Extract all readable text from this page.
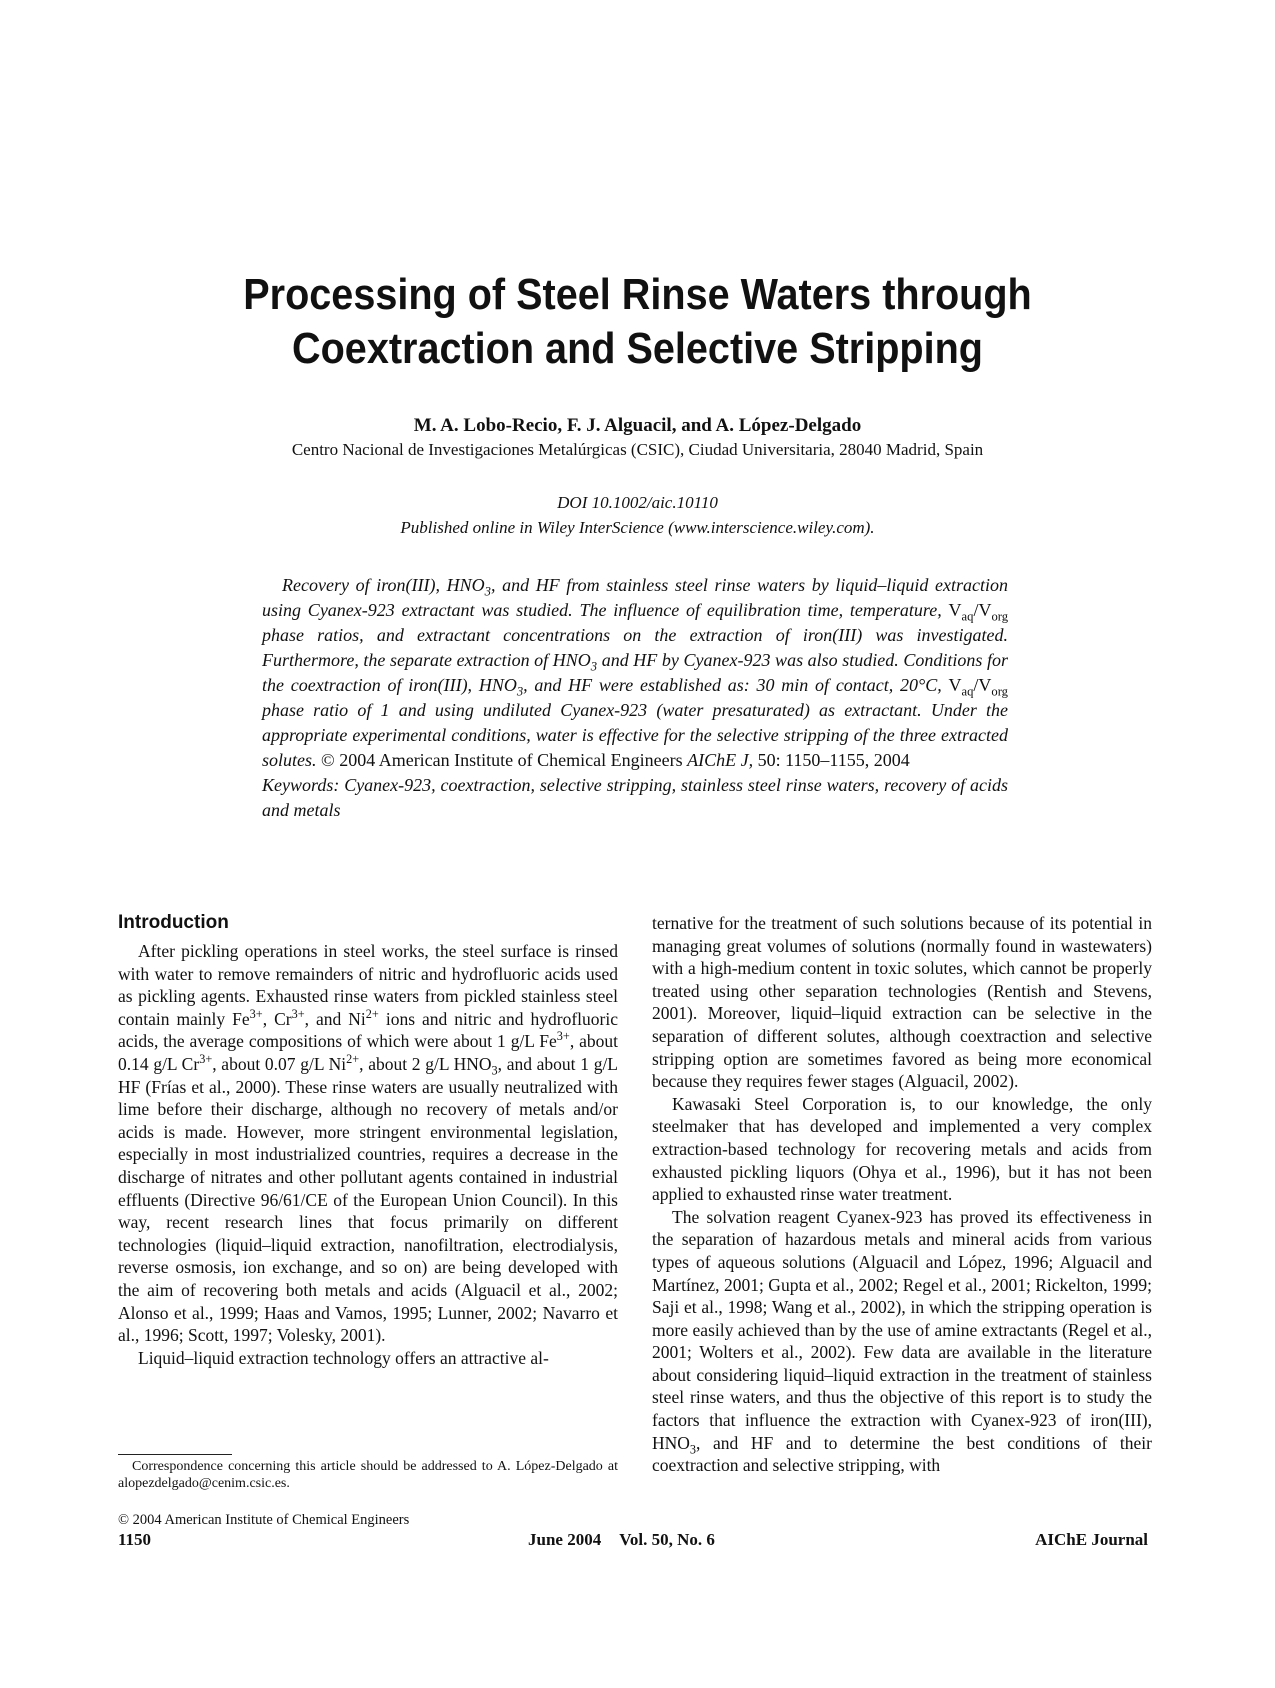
Processing of Steel Rinse Waters through
Coextraction and Selective Stripping
M. A. Lobo-Recio, F. J. Alguacil, and A. López-Delgado
Centro Nacional de Investigaciones Metalúrgicas (CSIC), Ciudad Universitaria, 28040 Madrid, Spain
DOI 10.1002/aic.10110
Published online in Wiley InterScience (www.interscience.wiley.com).

Recovery of iron(III), $HNO_3$, and HF from stainless steel rinse waters by liquid–liquid extraction using Cyanex-923 extractant was studied. The influence of equilibration time, temperature, $V_{aq}/V_{org}$ phase ratios, and extractant concentrations on the extraction of iron(III) was investigated. Furthermore, the separate extraction of $HNO_3$ and HF by Cyanex-923 was also studied. Conditions for the coextraction of iron(III), $HNO_3$, and HF were established as: 30 min of contact, 20°C, $V_{aq}/V_{org}$ phase ratio of 1 and using undiluted Cyanex-923 (water presaturated) as extractant. Under the appropriate experimental conditions, water is effective for the selective stripping of the three extracted solutes. © 2004 American Institute of Chemical Engineers AIChE J, 50: 1150–1155, 2004

Keywords: Cyanex-923, coextraction, selective stripping, stainless steel rinse waters, recovery of acids and metals

Introduction

After pickling operations in steel works, the steel surface is rinsed with water to remove remainders of nitric and hydrofluoric acids used as pickling agents. Exhausted rinse waters from pickled stainless steel contain mainly $Fe^{3+}$, $Cr^{3+}$, and $Ni^{2+}$ ions and nitric and hydrofluoric acids, the average compositions of which were about 1 g/L $Fe^{3+}$, about 0.14 g/L $Cr^{3+}$, about 0.07 g/L $Ni^{2+}$, about 2 g/L $HNO_3$, and about 1 g/L HF (Frías et al., 2000). These rinse waters are usually neutralized with lime before their discharge, although no recovery of metals and/or acids is made. However, more stringent environmental legislation, especially in most industrialized countries, requires a decrease in the discharge of nitrates and other pollutant agents contained in industrial effluents (Directive 96/61/CE of the European Union Council). In this way, recent research lines that focus primarily on different technologies (liquid–liquid extraction, nanofiltration, electrodialysis, reverse osmosis, ion exchange, and so on) are being developed with the aim of recovering both metals and acids (Alguacil et al., 2002; Alonso et al., 1999; Haas and Vamos, 1995; Lunner, 2002; Navarro et al., 1996; Scott, 1997; Volesky, 2001).

Liquid–liquid extraction technology offers an attractive al-

Correspondence concerning this article should be addressed to A. López-Delgado at alopezdelgado@cenim.csic.es.
© 2004 American Institute of Chemical Engineers

ternative for the treatment of such solutions because of its potential in managing great volumes of solutions (normally found in wastewaters) with a high-medium content in toxic solutes, which cannot be properly treated using other separation technologies (Rentish and Stevens, 2001). Moreover, liquid–liquid extraction can be selective in the separation of different solutes, although coextraction and selective stripping option are sometimes favored as being more economical because they requires fewer stages (Alguacil, 2002).

Kawasaki Steel Corporation is, to our knowledge, the only steelmaker that has developed and implemented a very complex extraction-based technology for recovering metals and acids from exhausted pickling liquors (Ohya et al., 1996), but it has not been applied to exhausted rinse water treatment.

The solvation reagent Cyanex-923 has proved its effectiveness in the separation of hazardous metals and mineral acids from various types of aqueous solutions (Alguacil and López, 1996; Alguacil and Martínez, 2001; Gupta et al., 2002; Regel et al., 2001; Rickelton, 1999; Saji et al., 1998; Wang et al., 2002), in which the stripping operation is more easily achieved than by the use of amine extractants (Regel et al., 2001; Wolters et al., 2002). Few data are available in the literature about considering liquid–liquid extraction in the treatment of stainless steel rinse waters, and thus the objective of this report is to study the factors that influence the extraction with Cyanex-923 of iron(III), $HNO_3$, and HF and to determine the best conditions of their coextraction and selective stripping, with

1150	June 2004 Vol. 50, No. 6	AIChE Journal
